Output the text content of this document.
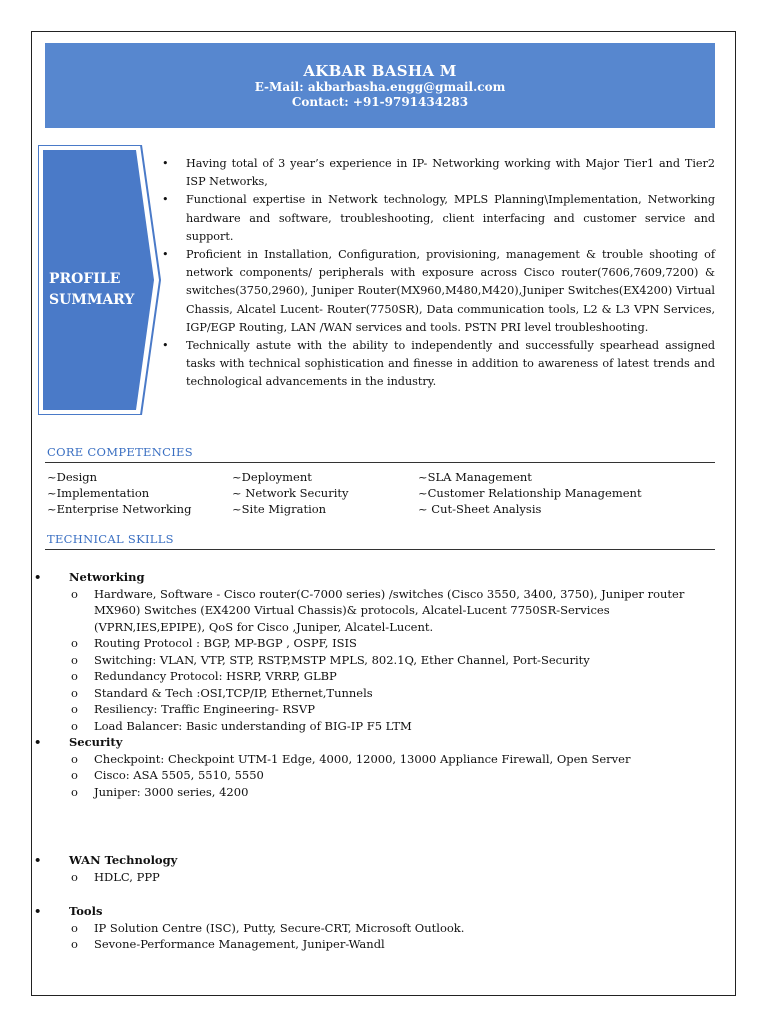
AKBAR BASHA M
E-Mail: akbarbasha.engg@gmail.com
Contact: +91-9791434283
PROFILE
SUMMARY
• Having total of 3 year’s experience in IP- Networking working with Major Tier1 and Tier2 ISP Networks,
• Functional expertise in Network technology, MPLS Planning\Implementation, Networking hardware and software, troubleshooting, client interfacing and customer service and support.
• Proficient in Installation, Configuration, provisioning, management & trouble shooting of network components/ peripherals with exposure across Cisco router(7606,7609,7200) & switches(3750,2960), Juniper Router(MX960,M480,M420),Juniper Switches(EX4200) Virtual Chassis, Alcatel Lucent- Router(7750SR), Data communication tools, L2 & L3 VPN Services, IGP/EGP Routing, LAN /WAN services and tools. PSTN PRI level troubleshooting.
• Technically astute with the ability to independently and successfully spearhead assigned tasks with technical sophistication and finesse in addition to awareness of latest trends and technological advancements in the industry.
CORE COMPETENCIES
~Design
~Implementation
~Enterprise Networking
~Deployment
~ Network Security
~Site Migration
~SLA Management
~Customer Relationship Management
~ Cut-Sheet Analysis
TECHNICAL SKILLS
• Networking
o Hardware, Software - Cisco router(C-7000 series) /switches (Cisco 3550, 3400, 3750), Juniper router MX960) Switches (EX4200 Virtual Chassis)& protocols, Alcatel-Lucent 7750SR-Services (VPRN,IES,EPIPE), QoS for Cisco ,Juniper, Alcatel-Lucent.
o Routing Protocol : BGP, MP-BGP , OSPF, ISIS
o Switching: VLAN, VTP, STP, RSTP,MSTP MPLS, 802.1Q, Ether Channel, Port-Security
o Redundancy Protocol: HSRP, VRRP, GLBP
o Standard & Tech :OSI,TCP/IP, Ethernet,Tunnels
o Resiliency: Traffic Engineering- RSVP
o Load Balancer: Basic understanding of BIG-IP F5 LTM
• Security
o Checkpoint: Checkpoint UTM-1 Edge, 4000, 12000, 13000 Appliance Firewall, Open Server
o Cisco: ASA 5505, 5510, 5550
o Juniper: 3000 series, 4200
• WAN Technology
o HDLC, PPP
• Tools
o IP Solution Centre (ISC), Putty, Secure-CRT, Microsoft Outlook.
o Sevone-Performance Management, Juniper-Wandl
